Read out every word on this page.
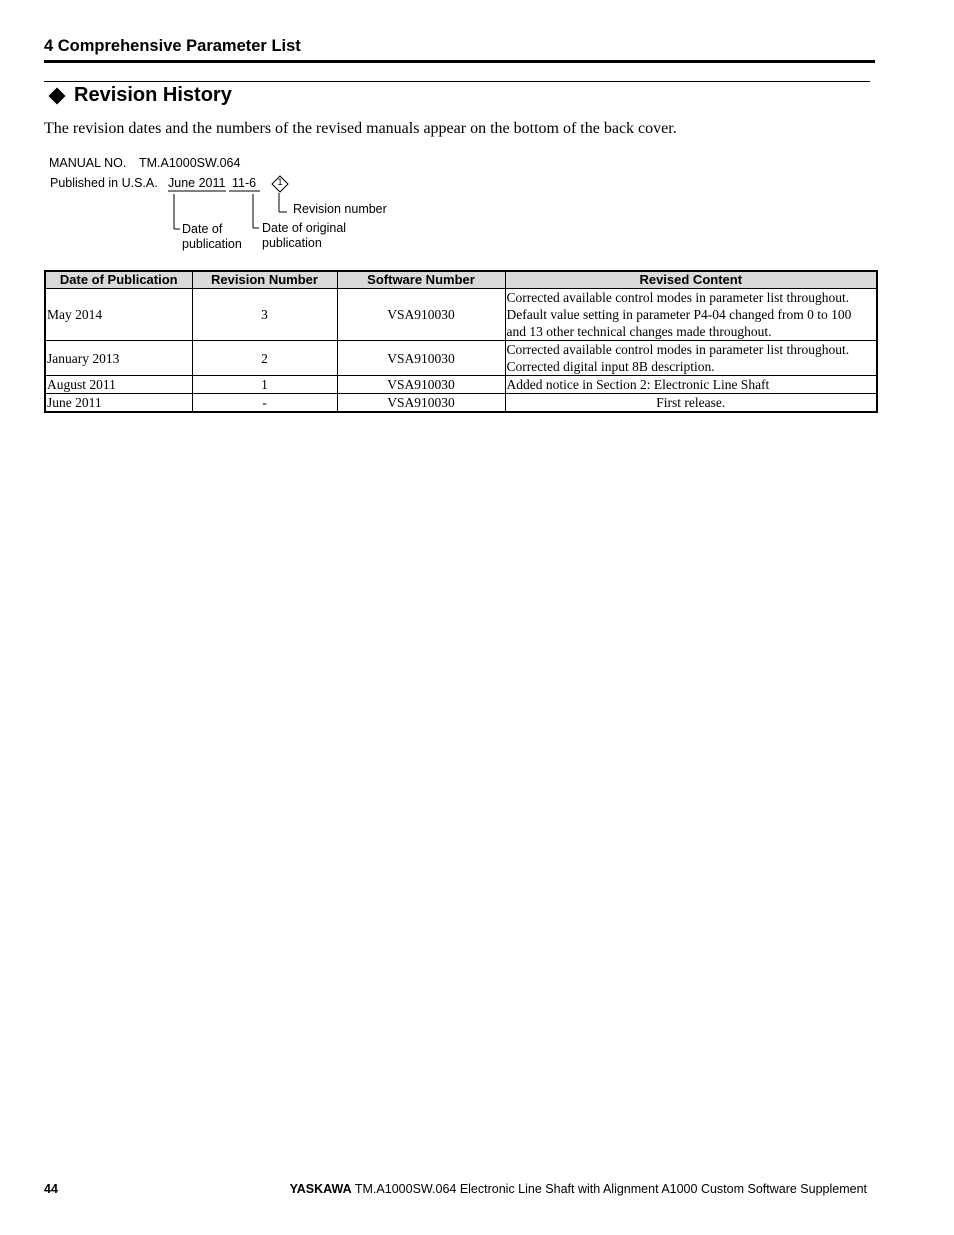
4 Comprehensive Parameter List
Revision History
The revision dates and the numbers of the revised manuals appear on the bottom of the back cover.
MANUAL NO. TM.A1000SW.064
Published in U.S.A. June 2011 11-6 1
Revision number
Date of
publication
Date of original
publication
Date of Publication	Revision Number	Software Number	Revised Content
May 2014	3	VSA910030	Corrected available control modes in parameter list throughout.
Default value setting in parameter P4-04 changed from 0 to 100
and 13 other technical changes made throughout.

January 2013	2	VSA910030	Corrected available control modes in parameter list throughout.
Corrected digital input 8B description.

August 2011	1	VSA910030	Added notice in Section 2: Electronic Line Shaft
June 2011	-	VSA910030	First release.
44	YASKAWA TM.A1000SW.064 Electronic Line Shaft with Alignment A1000 Custom Software Supplement
